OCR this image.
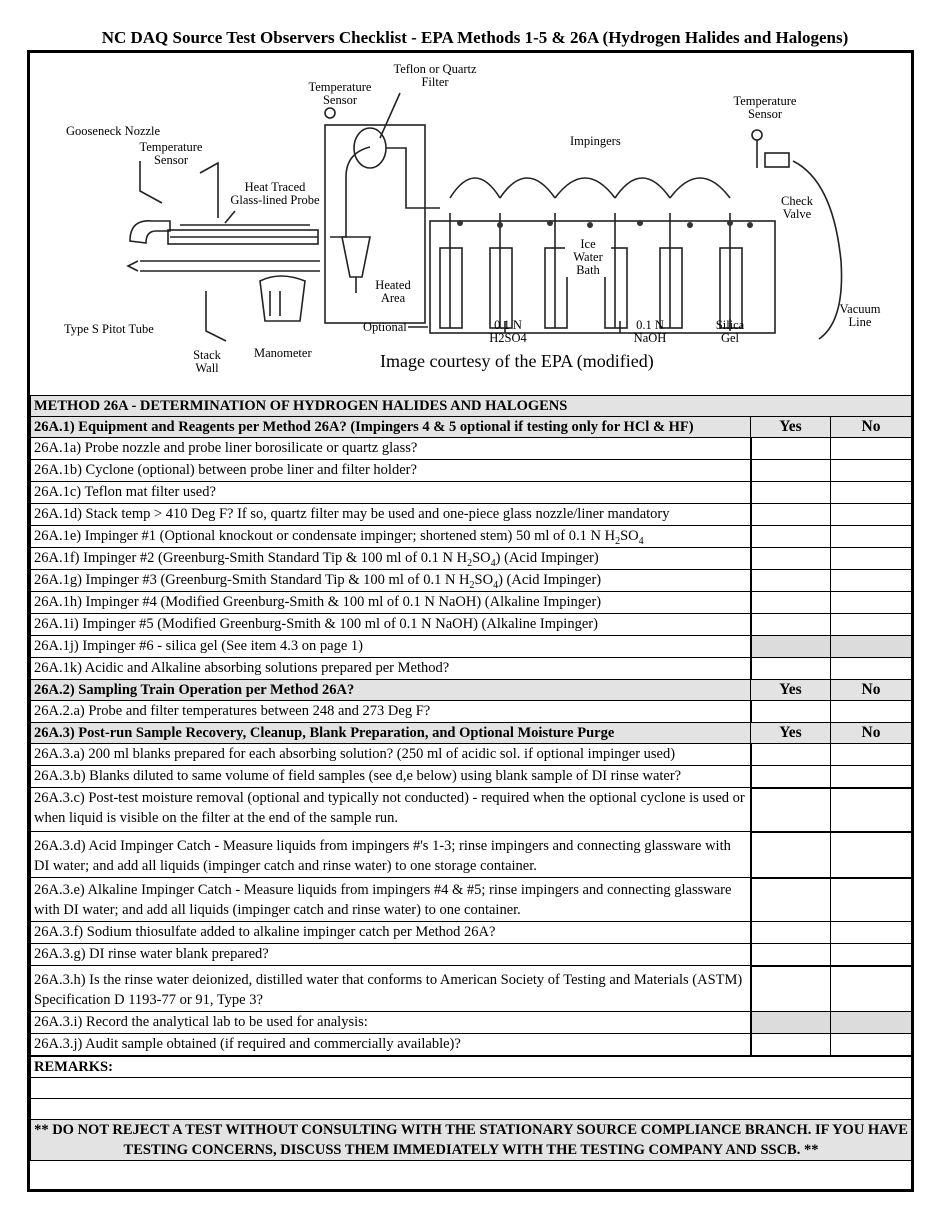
NC DAQ Source Test Observers Checklist - EPA Methods 1-5 & 26A (Hydrogen Halides and Halogens)
Gooseneck Nozzle
Temperature Sensor
Temperature Sensor
Teflon or Quartz Filter
Heat Traced Glass-lined Probe
Impingers
Temperature Sensor
Check Valve
Ice Water Bath
Heated Area
Optional	0.1 N
H2SO4
0.1 N
NaOH
Silica Gel
Vacuum Line
Type S Pitot Tube
Stack Wall
Manometer	Image courtesy of the EPA (modified)
METHOD 26A - DETERMINATION OF HYDROGEN HALIDES AND HALOGENS		
26A.1) Equipment and Reagents per Method 26A? (Impingers 4 & 5 optional if testing only for HCl & HF)	Yes	No
26A.1a) Probe nozzle and probe liner borosilicate or quartz glass?		
26A.1b) Cyclone (optional) between probe liner and filter holder?		
26A.1c) Teflon mat filter used?		
26A.1d) Stack temp > 410 Deg F? If so, quartz filter may be used and one-piece glass nozzle/liner mandatory		
26A.1e) Impinger #1 (Optional knockout or condensate impinger; shortened stem) 50 ml of 0.1 N $H_2SO_4$		
26A.1f) Impinger #2 (Greenburg-Smith Standard Tip & 100 ml of 0.1 N $H_2SO_4$) (Acid Impinger)		
26A.1g) Impinger #3 (Greenburg-Smith Standard Tip & 100 ml of 0.1 N $H_2SO_4$) (Acid Impinger)		
26A.1h) Impinger #4 (Modified Greenburg-Smith & 100 ml of 0.1 N NaOH) (Alkaline Impinger)		
26A.1i) Impinger #5 (Modified Greenburg-Smith & 100 ml of 0.1 N NaOH) (Alkaline Impinger)		
26A.1j) Impinger #6 - silica gel (See item 4.3 on page 1)		
26A.1k) Acidic and Alkaline absorbing solutions prepared per Method?		
26A.2) Sampling Train Operation per Method 26A?	Yes	No
26A.2.a) Probe and filter temperatures between 248 and 273 Deg F?		
26A.3) Post-run Sample Recovery, Cleanup, Blank Preparation, and Optional Moisture Purge	Yes	No
26A.3.a) 200 ml blanks prepared for each absorbing solution? (250 ml of acidic sol. if optional impinger used)		
26A.3.b) Blanks diluted to same volume of field samples (see d,e below) using blank sample of DI rinse water?		
26A.3.c) Post-test moisture removal (optional and typically not conducted) - required when the optional cyclone is used or when liquid is visible on the filter at the end of the sample run.	

26A.3.d) Acid Impinger Catch - Measure liquids from impingers #'s 1-3; rinse impingers and connecting glassware with DI water; and add all liquids (impinger catch and rinse water) to one storage container.	

26A.3.e) Alkaline Impinger Catch - Measure liquids from impingers #4 & #5; rinse impingers and connecting glassware with DI water; and add all liquids (impinger catch and rinse water) to one container.	

26A.3.f) Sodium thiosulfate added to alkaline impinger catch per Method 26A?		
26A.3.g) DI rinse water blank prepared?		
26A.3.h) Is the rinse water deionized, distilled water that conforms to American Society of Testing and Materials (ASTM) Specification D 1193-77 or 91, Type 3?	

26A.3.i) Record the analytical lab to be used for analysis:		
26A.3.j) Audit sample obtained (if required and commercially available)?		
REMARKS:		

** DO NOT REJECT A TEST WITHOUT CONSULTING WITH THE STATIONARY SOURCE COMPLIANCE BRANCH. IF YOU HAVE TESTING CONCERNS, DISCUSS THEM IMMEDIATELY WITH THE TESTING COMPANY AND SSCB. **		
